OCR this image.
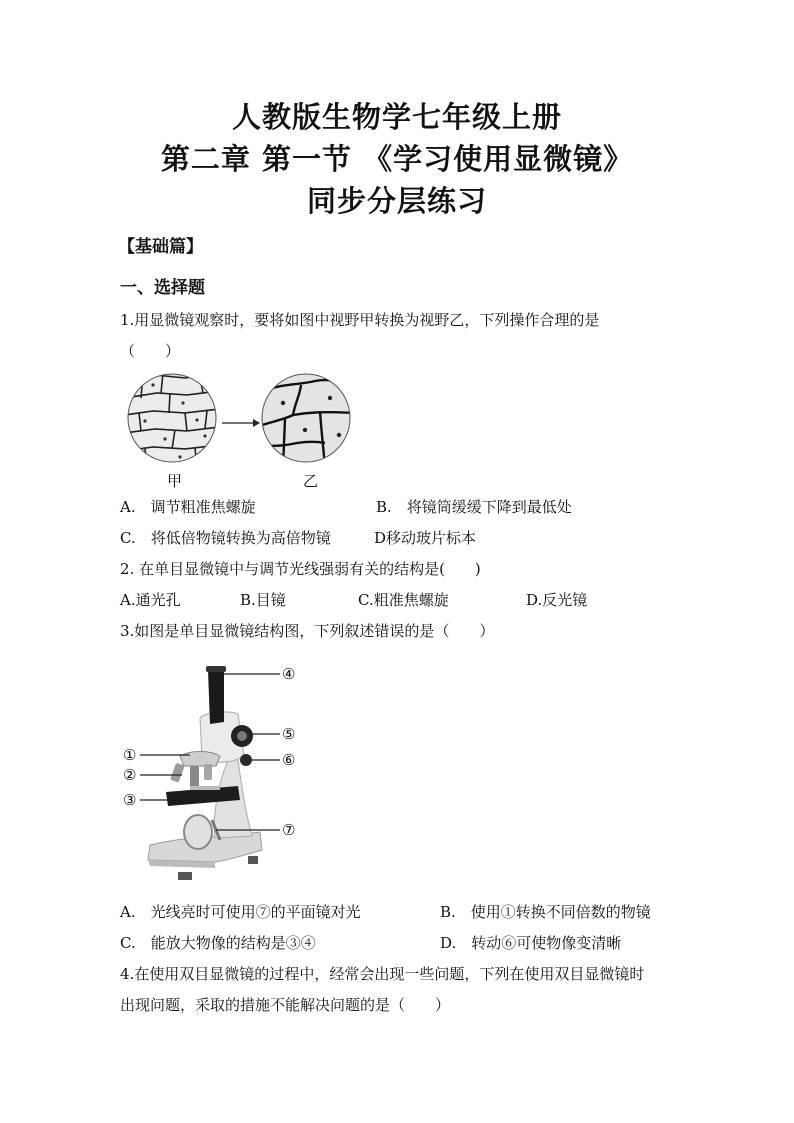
人教版生物学七年级上册
第二章 第一节 《学习使用显微镜》
同步分层练习
【基础篇】
一、选择题
1.用显微镜观察时，要将如图中视野甲转换为视野乙，下列操作合理的是
（　　）
甲	乙
A.　调节粗准焦螺旋	B.　将镜筒缓缓下降到最低处
C.　将低倍物镜转换为高倍物镜	D移动玻片标本
2. 在单目显微镜中与调节光线强弱有关的结构是(　　)
A.通光孔	B.目镜	C.粗准焦螺旋	D.反光镜
3.如图是单目显微镜结构图，下列叙述错误的是（　　）
④
⑤
⑥
⑦
①
②
③
A.　光线亮时可使用⑦的平面镜对光	B.　使用①转换不同倍数的物镜
C.　能放大物像的结构是③④	D.　转动⑥可使物像变清晰
4.在使用双目显微镜的过程中，经常会出现一些问题，下列在使用双目显微镜时
出现问题，采取的措施不能解决问题的是（　　）
